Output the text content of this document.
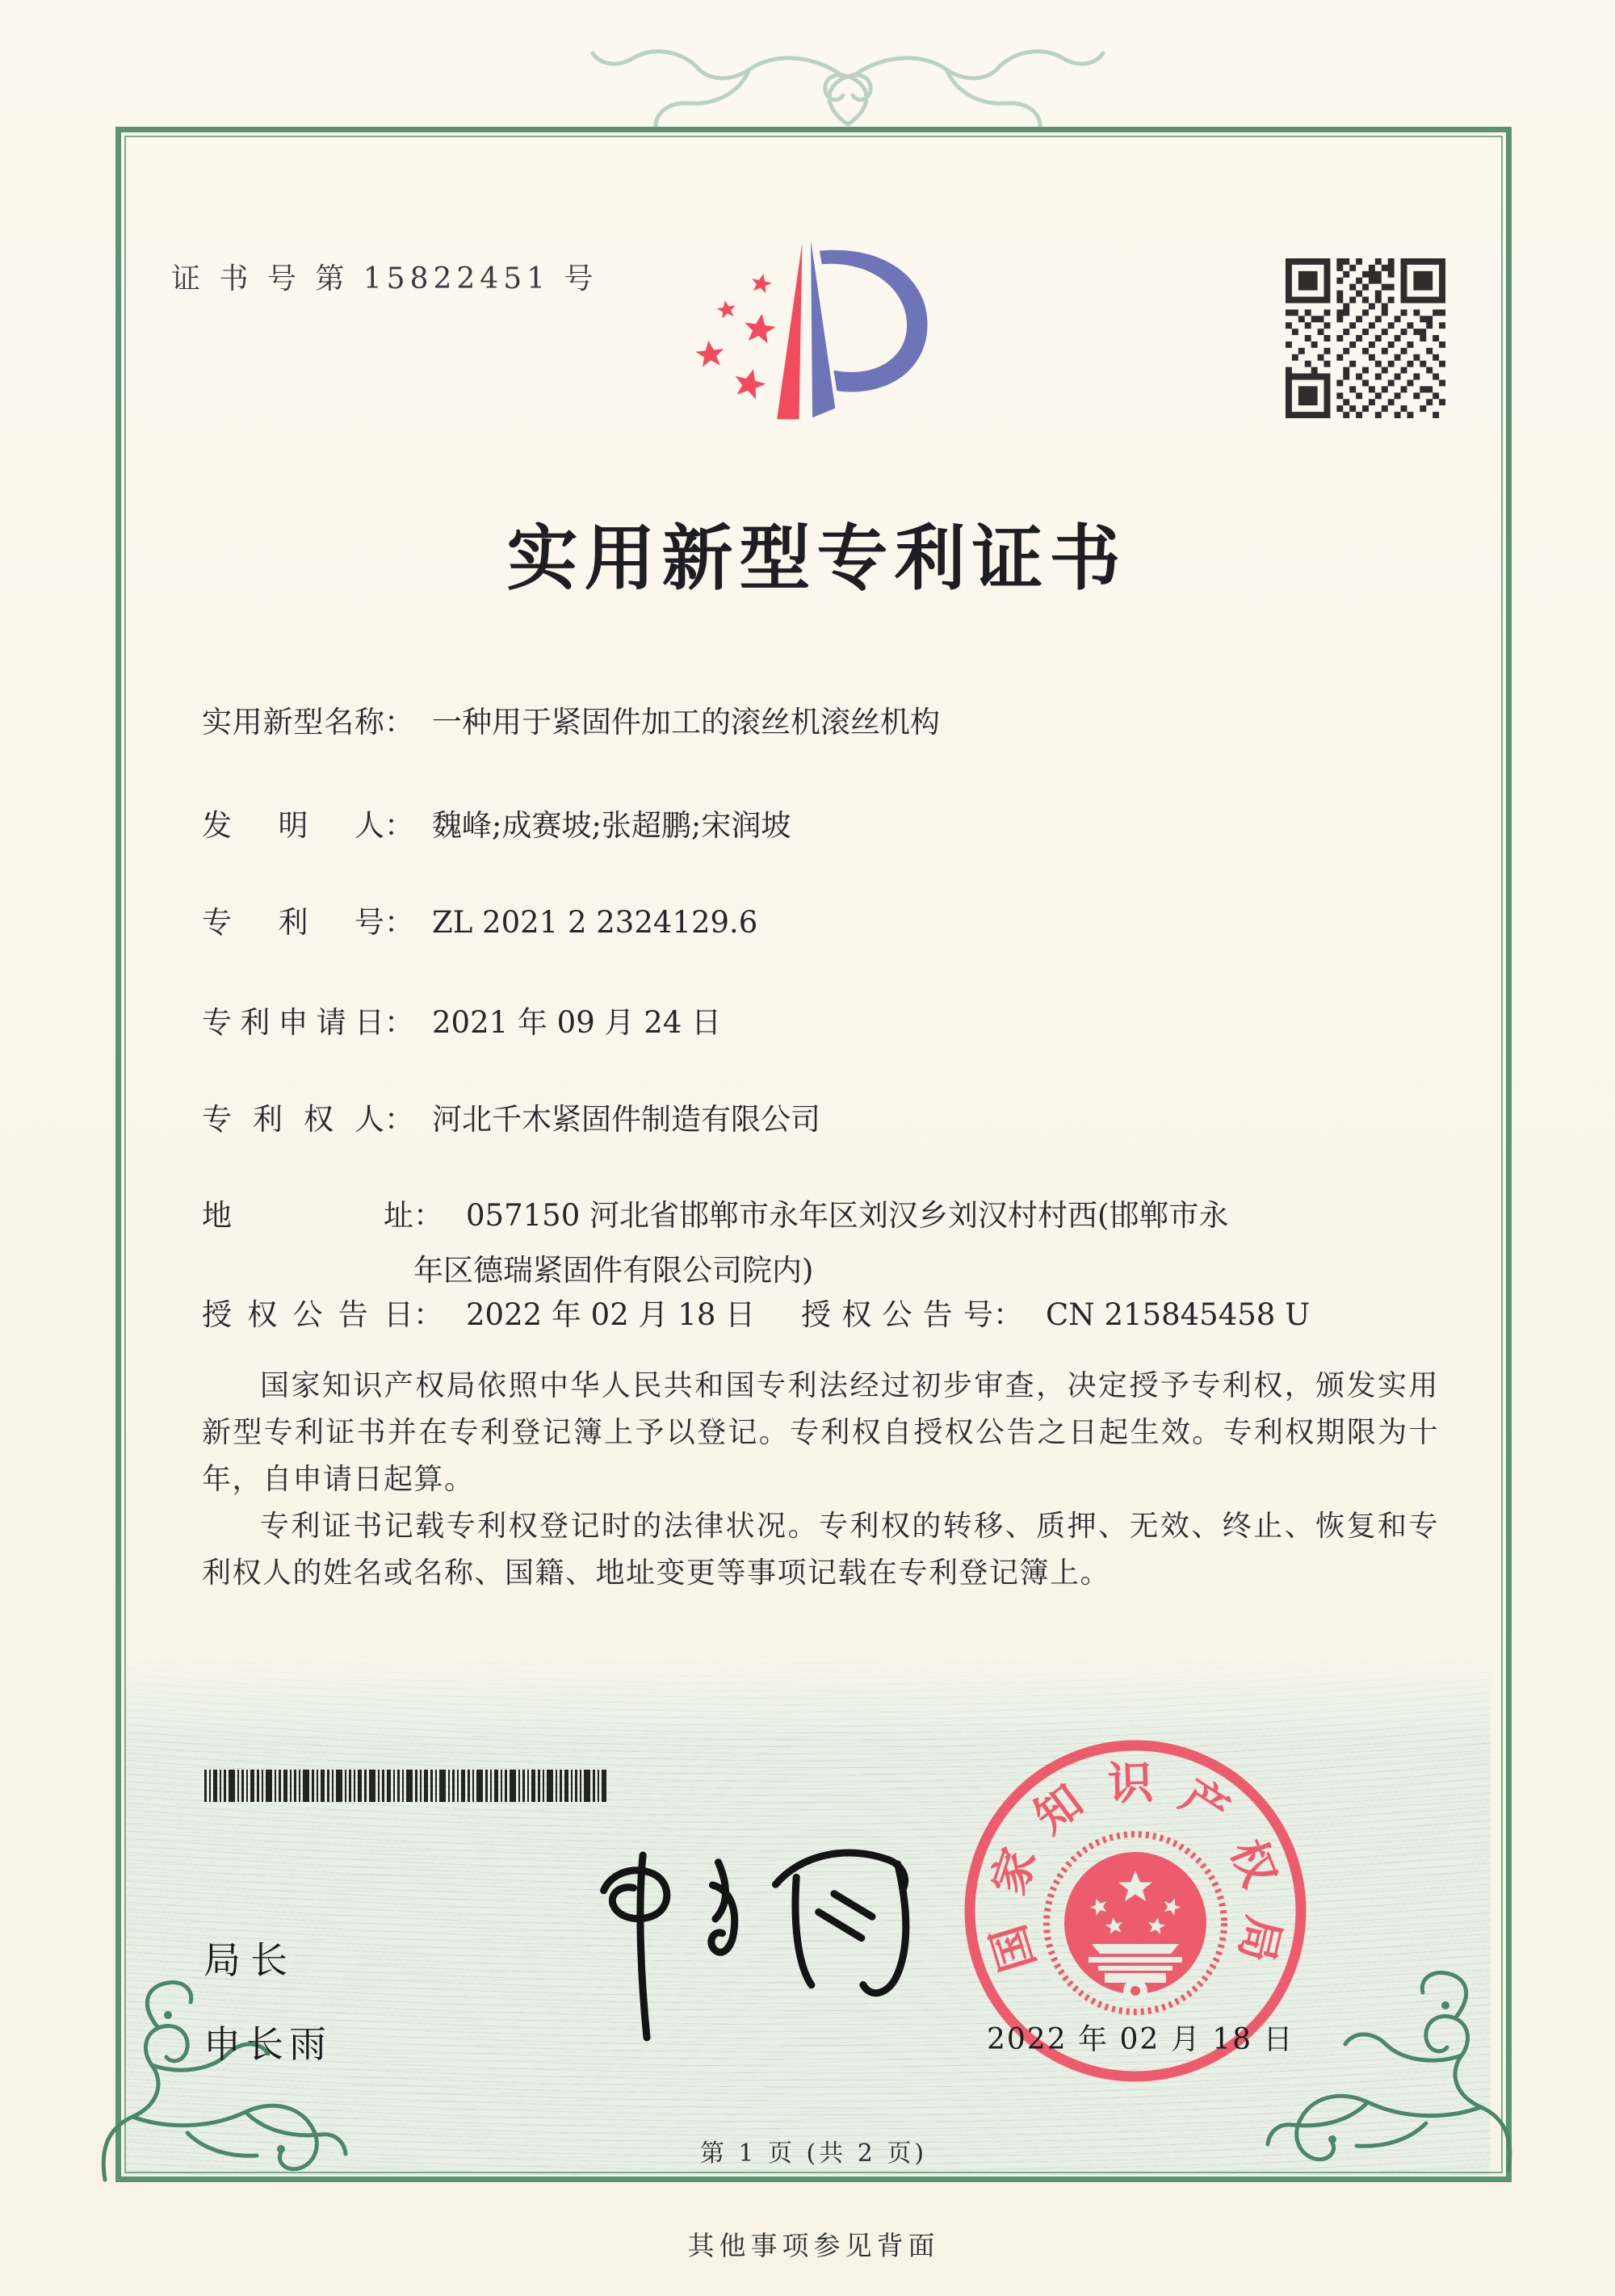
证 书 号 第 15822451 号
实用新型专利证书
实用新型名称： 一种用于紧固件加工的滚丝机滚丝机构
发明人： 魏峰;成赛坡;张超鹏;宋润坡
专利号： ZL 2021 2 2324129.6
专利申请日： 2021 年 09 月 24 日
专利权人： 河北千木紧固件制造有限公司
地址： 057150 河北省邯郸市永年区刘汉乡刘汉村村西(邯郸市永
年区德瑞紧固件有限公司院内)
授权公告日： 2022 年 02 月 18 日 授权公告号： CN 215845458 U
国家知识产权局依照中华人民共和国专利法经过初步审查，决定授予专利权，颁发实用新型专利证书并在专利登记簿上予以登记。专利权自授权公告之日起生效。专利权期限为十年，自申请日起算。
专利证书记载专利权登记时的法律状况。专利权的转移、质押、无效、终止、恢复和专利权人的姓名或名称、国籍、地址变更等事项记载在专利登记簿上。
局长
申长雨
国
家
知 识 产
权
局
2022 年 02 月 18 日
第 1 页 (共 2 页)
其他事项参见背面
